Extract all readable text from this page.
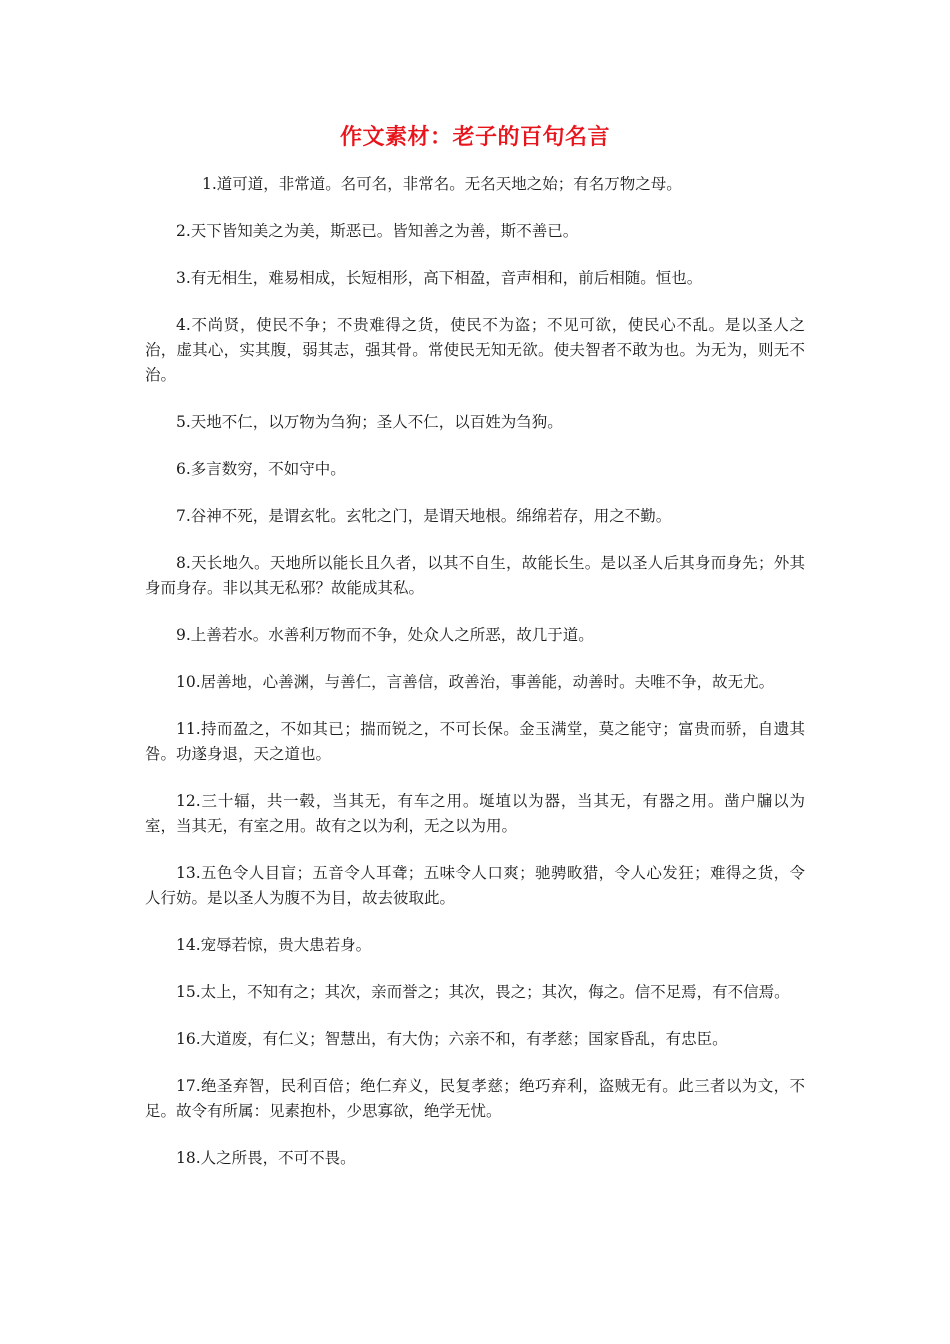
作文素材：老子的百句名言

1.道可道，非常道。名可名，非常名。无名天地之始；有名万物之母。

2.天下皆知美之为美，斯恶已。皆知善之为善，斯不善已。

3.有无相生，难易相成，长短相形，高下相盈，音声相和，前后相随。恒也。

4.不尚贤，使民不争；不贵难得之货，使民不为盗；不见可欲，使民心不乱。是以圣人之治，虚其心，实其腹，弱其志，强其骨。常使民无知无欲。使夫智者不敢为也。为无为，则无不治。

5.天地不仁，以万物为刍狗；圣人不仁，以百姓为刍狗。

6.多言数穷，不如守中。

7.谷神不死，是谓玄牝。玄牝之门，是谓天地根。绵绵若存，用之不勤。

8.天长地久。天地所以能长且久者，以其不自生，故能长生。是以圣人后其身而身先；外其身而身存。非以其无私邪？故能成其私。

9.上善若水。水善利万物而不争，处众人之所恶，故几于道。

10.居善地，心善渊，与善仁，言善信，政善治，事善能，动善时。夫唯不争，故无尤。

11.持而盈之，不如其已；揣而锐之，不可长保。金玉满堂，莫之能守；富贵而骄，自遗其咎。功遂身退，天之道也。

12.三十辐，共一毂，当其无，有车之用。埏埴以为器，当其无，有器之用。凿户牖以为室，当其无，有室之用。故有之以为利，无之以为用。

13.五色令人目盲；五音令人耳聋；五味令人口爽；驰骋畋猎，令人心发狂；难得之货，令人行妨。是以圣人为腹不为目，故去彼取此。

14.宠辱若惊，贵大患若身。

15.太上，不知有之；其次，亲而誉之；其次，畏之；其次，侮之。信不足焉，有不信焉。

16.大道废，有仁义；智慧出，有大伪；六亲不和，有孝慈；国家昏乱，有忠臣。

17.绝圣弃智，民利百倍；绝仁弃义，民复孝慈；绝巧弃利，盗贼无有。此三者以为文，不足。故令有所属：见素抱朴，少思寡欲，绝学无忧。

18.人之所畏，不可不畏。
